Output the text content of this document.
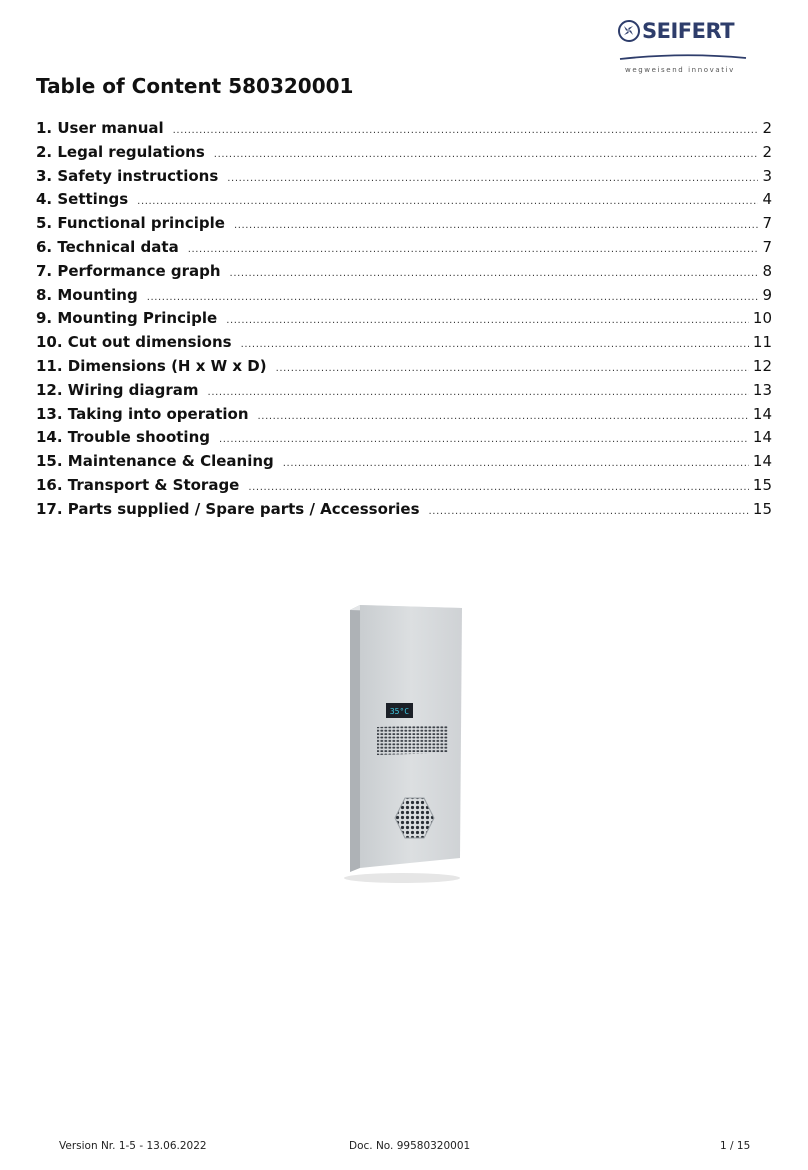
SEIFERT
wegweisend innovativ
Table of Content 580320001
1. User manual .....	2
2. Legal regulations .....	2
3. Safety instructions .....	3
4. Settings .....	4
5. Functional principle .....	7
6. Technical data .....	7
7. Performance graph .....	8
8. Mounting .....	9
9. Mounting Principle .....	10
10. Cut out dimensions .....	11
11. Dimensions (H x W x D) .....	12
12. Wiring diagram .....	13
13. Taking into operation .....	14
14. Trouble shooting .....	14
15. Maintenance & Cleaning .....	14
16. Transport & Storage .....	15
17. Parts supplied / Spare parts / Accessories .....	15
35°C
Version Nr. 1-5 - 13.06.2022	Doc. No. 99580320001	1 / 15
